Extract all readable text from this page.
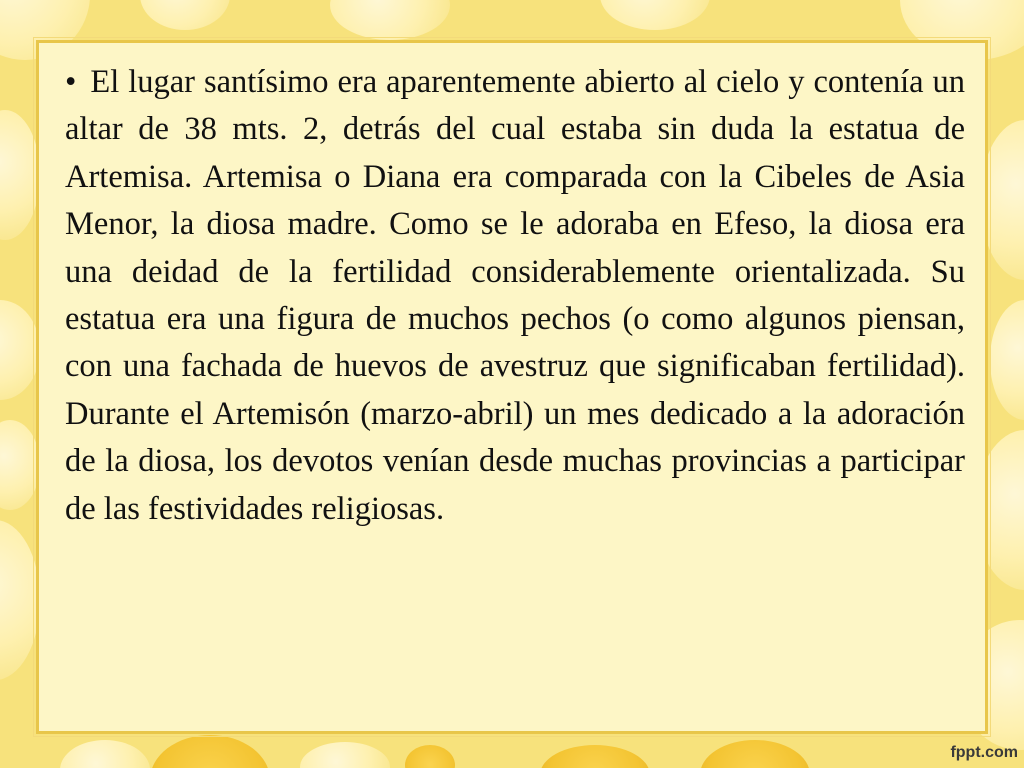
• El lugar santísimo era aparentemente abierto al cielo y contenía un altar de 38 mts. 2, detrás del cual estaba sin duda la estatua de Artemisa. Artemisa o Diana era comparada con la Cibeles de Asia Menor, la diosa madre. Como se le adoraba en Efeso, la diosa era una deidad de la fertilidad considerablemente orientalizada. Su estatua era una figura de muchos pechos (o como algunos piensan, con una fachada de huevos de avestruz que significaban fertilidad). Durante el Artemisón (marzo-abril) un mes dedicado a la adoración de la diosa, los devotos venían desde muchas provincias a participar de las festividades religiosas.

fppt.com
